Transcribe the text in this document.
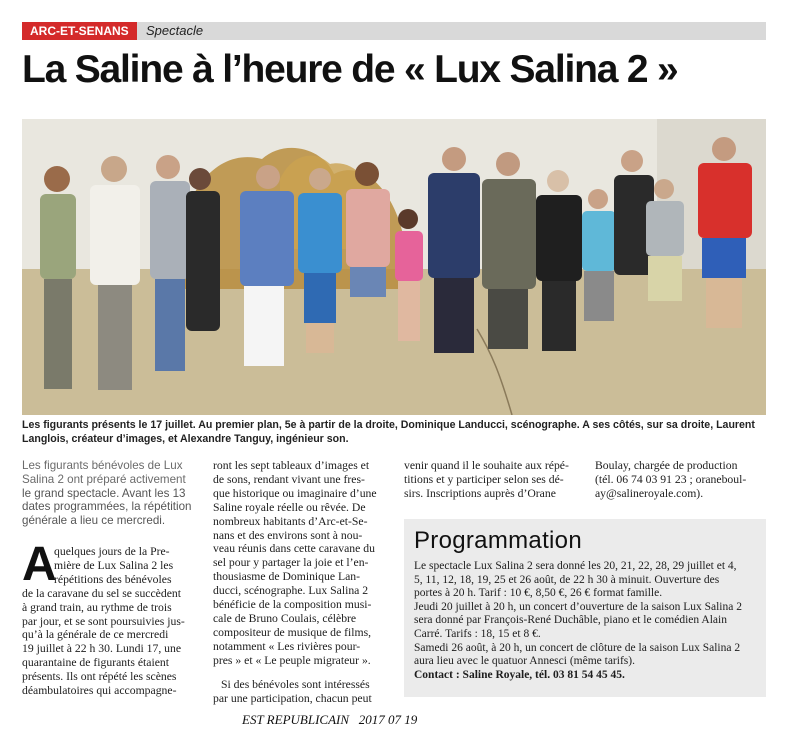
ARC-ET-SENANS	Spectacle
La Saline à l’heure de « Lux Salina 2 »
Les figurants présents le 17 juillet. Au premier plan, 5e à partir de la droite, Dominique Landucci, scénographe. A ses côtés, sur sa droite, Laurent
Langlois, créateur d’images, et Alexandre Tanguy, ingénieur son.
Les figurants bénévoles de Lux
Salina 2 ont préparé activement
le grand spectacle. Avant les 13
dates programmées, la répétition
générale a lieu ce mercredi.
A
quelques jours de la Pre-
mière de Lux Salina 2 les
répétitions des bénévoles
de la caravane du sel se succèdent
à grand train, au rythme de trois
par jour, et se sont poursuivies jus-
qu’à la générale de ce mercredi
19 juillet à 22 h 30. Lundi 17, une
quarantaine de figurants étaient
présents. Ils ont répété les scènes
déambulatoires qui accompagne-
ront les sept tableaux d’images et
de sons, rendant vivant une fres-
que historique ou imaginaire d’une
Saline royale réelle ou rêvée. De
nombreux habitants d’Arc-et-Se-
nans et des environs sont à nou-
veau réunis dans cette caravane du
sel pour y partager la joie et l’en-
thousiasme de Dominique Lan-
ducci, scénographe. Lux Salina 2
bénéficie de la composition musi-
cale de Bruno Coulais, célèbre
compositeur de musique de films,
notamment « Les rivières pour-
pres » et « Le peuple migrateur ».
Si des bénévoles sont intéressés
par une participation, chacun peut
venir quand il le souhaite aux répé-
titions et y participer selon ses dé-
sirs. Inscriptions auprès d’Orane
Boulay, chargée de production
(tél. 06 74 03 91 23 ; oraneboul-
ay@salineroyale.com).
Programmation
Le spectacle Lux Salina 2 sera donné les 20, 21, 22, 28, 29 juillet et 4,
5, 11, 12, 18, 19, 25 et 26 août, de 22 h 30 à minuit. Ouverture des
portes à 20 h. Tarif : 10 €, 8,50 €, 26 € format famille.
Jeudi 20 juillet à 20 h, un concert d’ouverture de la saison Lux Salina 2
sera donné par François-René Duchâble, piano et le comédien Alain
Carré. Tarifs : 18, 15 et 8 €.
Samedi 26 août, à 20 h, un concert de clôture de la saison Lux Salina 2
aura lieu avec le quatuor Annesci (même tarifs).
Contact : Saline Royale, tél. 03 81 54 45 45.
EST REPUBLICAIN   2017 07 19
